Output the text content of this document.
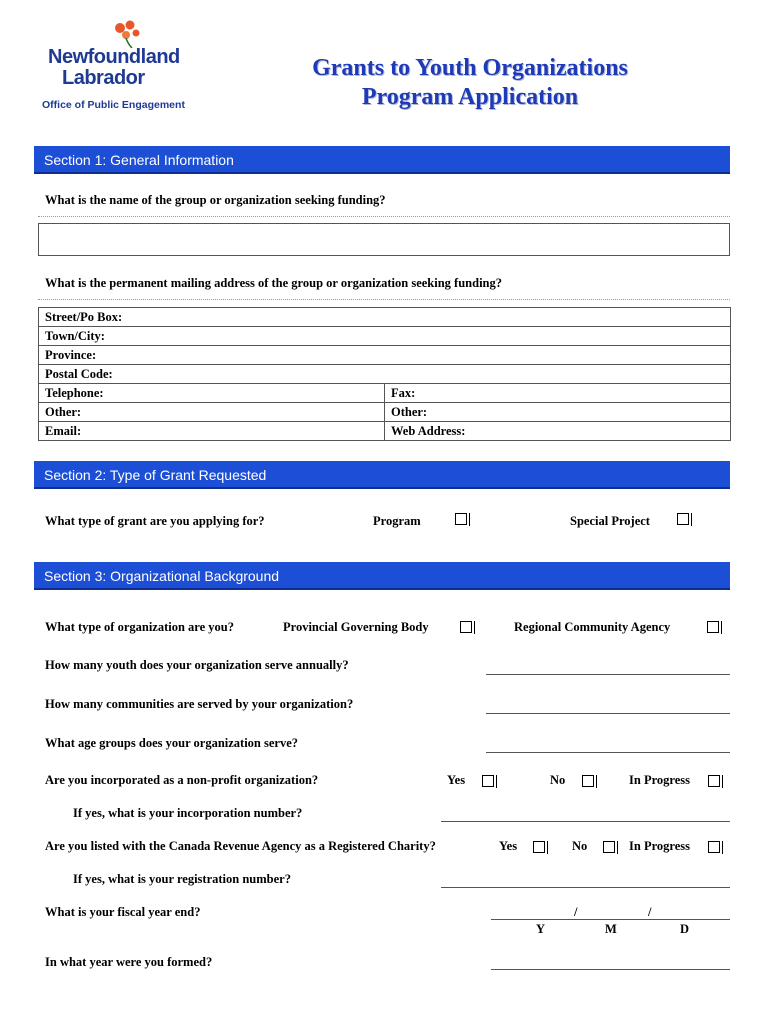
Newfoundland
Labrador
Office of Public Engagement
Grants to Youth Organizations
Program Application
Section 1: General Information
What is the name of the group or organization seeking funding?
What is the permanent mailing address of the group or organization seeking funding?
Street/Po Box:	
Town/City:	
Province:	
Postal Code:	
Telephone:	Fax:
Other:	Other:
Email:	Web Address:
Section 2: Type of Grant Requested
What type of grant are you applying for?	Program	Special Project
Section 3: Organizational Background
What type of organization are you?	Provincial Governing Body	Regional Community Agency
How many youth does your organization serve annually?
How many communities are served by your organization?
What age groups does your organization serve?
Are you incorporated as a non-profit organization?	Yes	No	In Progress
If yes, what is your incorporation number?
Are you listed with the Canada Revenue Agency as a Registered Charity?	Yes	No	In Progress
If yes, what is your registration number?
What is your fiscal year end?	/	/
Y	M	D
In what year were you formed?
